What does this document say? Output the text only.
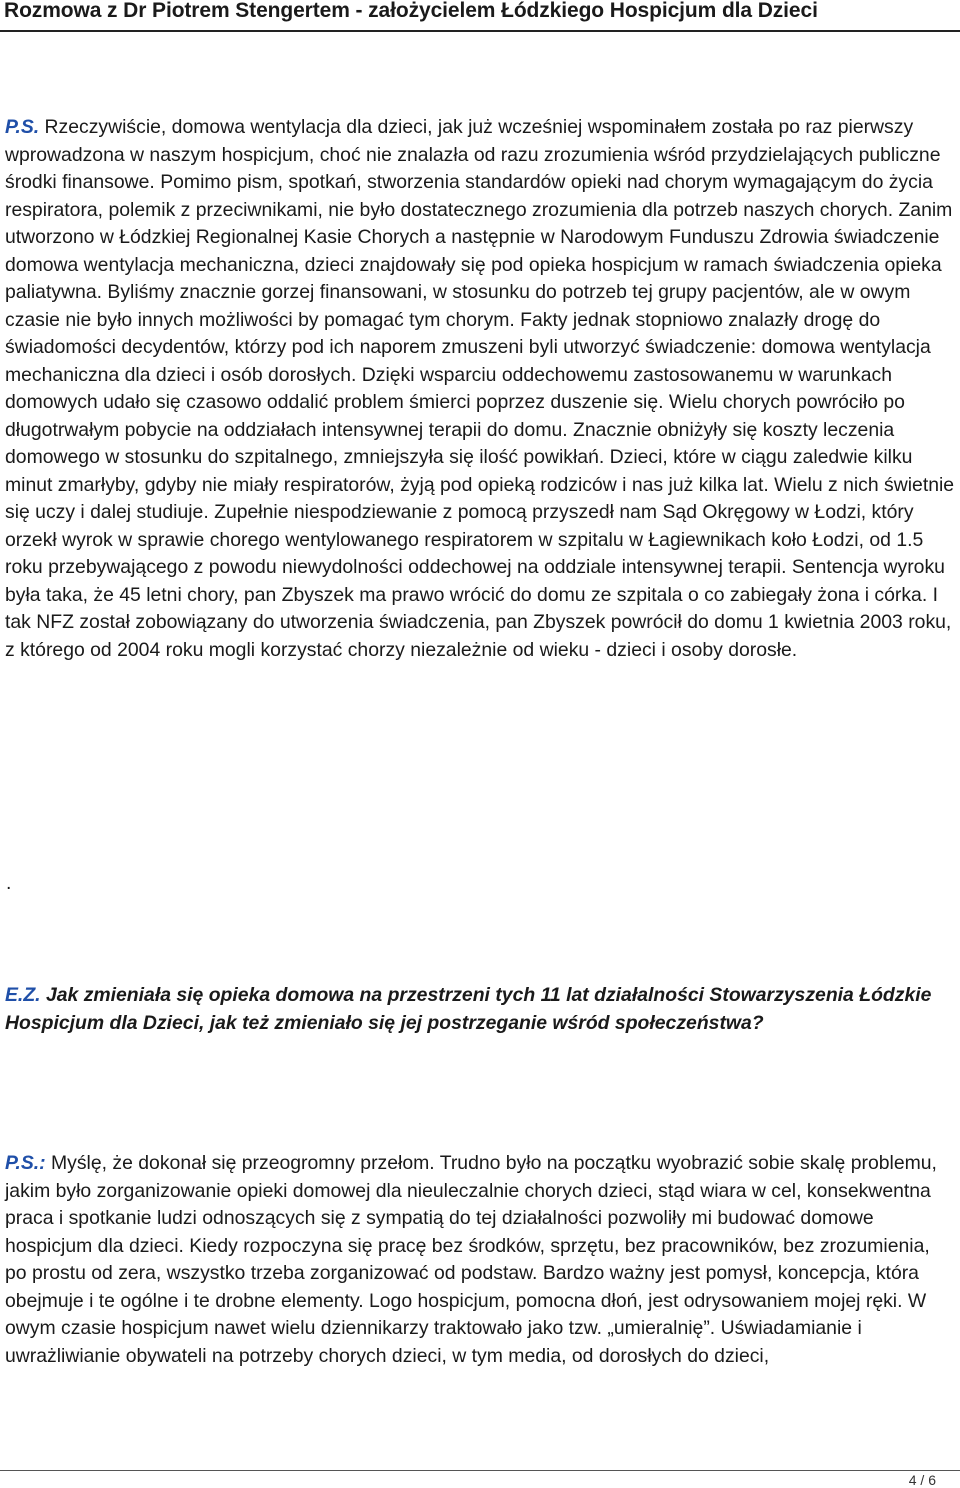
Rozmowa z Dr Piotrem Stengertem - założycielem Łódzkiego Hospicjum dla Dzieci

P.S. Rzeczywiście, domowa wentylacja dla dzieci, jak już wcześniej wspominałem została po raz pierwszy wprowadzona w naszym hospicjum, choć nie znalazła od razu zrozumienia wśród przydzielających publiczne środki finansowe. Pomimo pism, spotkań, stworzenia standardów opieki nad chorym wymagającym do życia respiratora, polemik z przeciwnikami, nie było dostatecznego zrozumienia dla potrzeb naszych chorych. Zanim utworzono w Łódzkiej Regionalnej Kasie Chorych a następnie w Narodowym Funduszu Zdrowia świadczenie domowa wentylacja mechaniczna, dzieci znajdowały się pod opieka hospicjum w ramach świadczenia opieka paliatywna. Byliśmy znacznie gorzej finansowani, w stosunku do potrzeb tej grupy pacjentów, ale w owym czasie nie było innych możliwości by pomagać tym chorym. Fakty jednak stopniowo znalazły drogę do świadomości decydentów, którzy pod ich naporem zmuszeni byli utworzyć świadczenie: domowa wentylacja mechaniczna dla dzieci i osób dorosłych. Dzięki wsparciu oddechowemu zastosowanemu w warunkach domowych udało się czasowo oddalić problem śmierci poprzez duszenie się. Wielu chorych powróciło po długotrwałym pobycie na oddziałach intensywnej terapii do domu. Znacznie obniżyły się koszty leczenia domowego w stosunku do szpitalnego, zmniejszyła się ilość powikłań. Dzieci, które w ciągu zaledwie kilku minut zmarłyby, gdyby nie miały respiratorów, żyją pod opieką rodziców i nas już kilka lat. Wielu z nich świetnie się uczy i dalej studiuje. Zupełnie niespodziewanie z pomocą przyszedł nam Sąd Okręgowy w Łodzi, który orzekł wyrok w sprawie chorego wentylowanego respiratorem w szpitalu w Łagiewnikach koło Łodzi, od 1.5 roku przebywającego z powodu niewydolności oddechowej na oddziale intensywnej terapii. Sentencja wyroku była taka, że 45 letni chory, pan Zbyszek ma prawo wrócić do domu ze szpitala o co zabiegały żona i córka. I tak NFZ został zobowiązany do utworzenia świadczenia, pan Zbyszek powrócił do domu 1 kwietnia 2003 roku, z którego od 2004 roku mogli korzystać chorzy niezależnie od wieku - dzieci i osoby dorosłe.

.

E.Z. Jak zmieniała się opieka domowa na przestrzeni tych 11 lat działalności Stowarzyszenia Łódzkie Hospicjum dla Dzieci, jak też zmieniało się jej postrzeganie wśród społeczeństwa?

P.S.: Myślę, że dokonał się przeogromny przełom. Trudno było na początku wyobrazić sobie skalę problemu, jakim było zorganizowanie opieki domowej dla nieuleczalnie chorych dzieci, stąd wiara w cel, konsekwentna praca i spotkanie ludzi odnoszących się z sympatią do tej działalności pozwoliły mi budować domowe hospicjum dla dzieci. Kiedy rozpoczyna się pracę bez środków, sprzętu, bez pracowników, bez zrozumienia, po prostu od zera, wszystko trzeba zorganizować od podstaw. Bardzo ważny jest pomysł, koncepcja, która obejmuje i te ogólne i te drobne elementy. Logo hospicjum, pomocna dłoń, jest odrysowaniem mojej ręki. W owym czasie hospicjum nawet wielu dziennikarzy traktowało jako tzw. „umieralnię”. Uświadamianie i uwrażliwianie obywateli na potrzeby chorych dzieci, w tym media, od dorosłych do dzieci,

4 / 6
